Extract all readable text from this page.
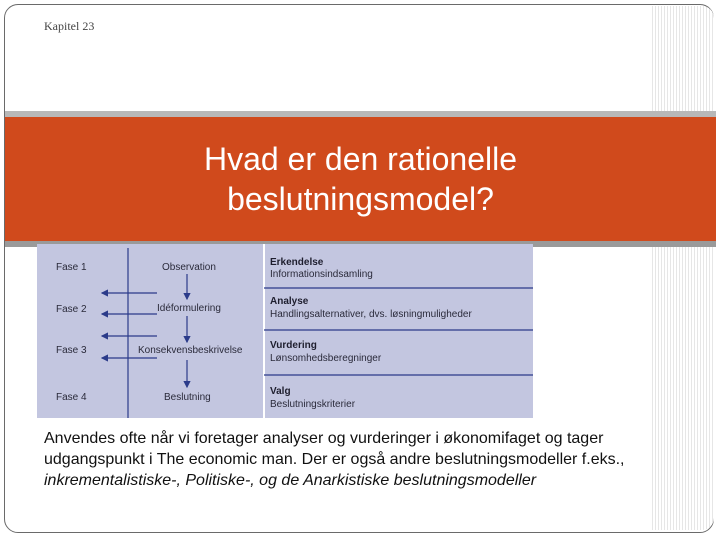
Kapitel 23
Hvad er den rationelle
beslutningsmodel?
Fase 1
Fase 2
Fase 3
Fase 4
Observation
Idéformulering
Konsekvensbeskrivelse
Beslutning
Erkendelse
Informationsindsamling
Analyse
Handlingsalternativer, dvs. løsningmuligheder
Vurdering
Lønsomhedsberegninger
Valg
Beslutningskriterier
Anvendes ofte når vi foretager analyser og vurderinger i økonomifaget og tager
udgangspunkt i The economic man. Der er også andre beslutningsmodeller f.eks.,
inkrementalistiske-, Politiske-, og de Anarkistiske beslutningsmodeller
